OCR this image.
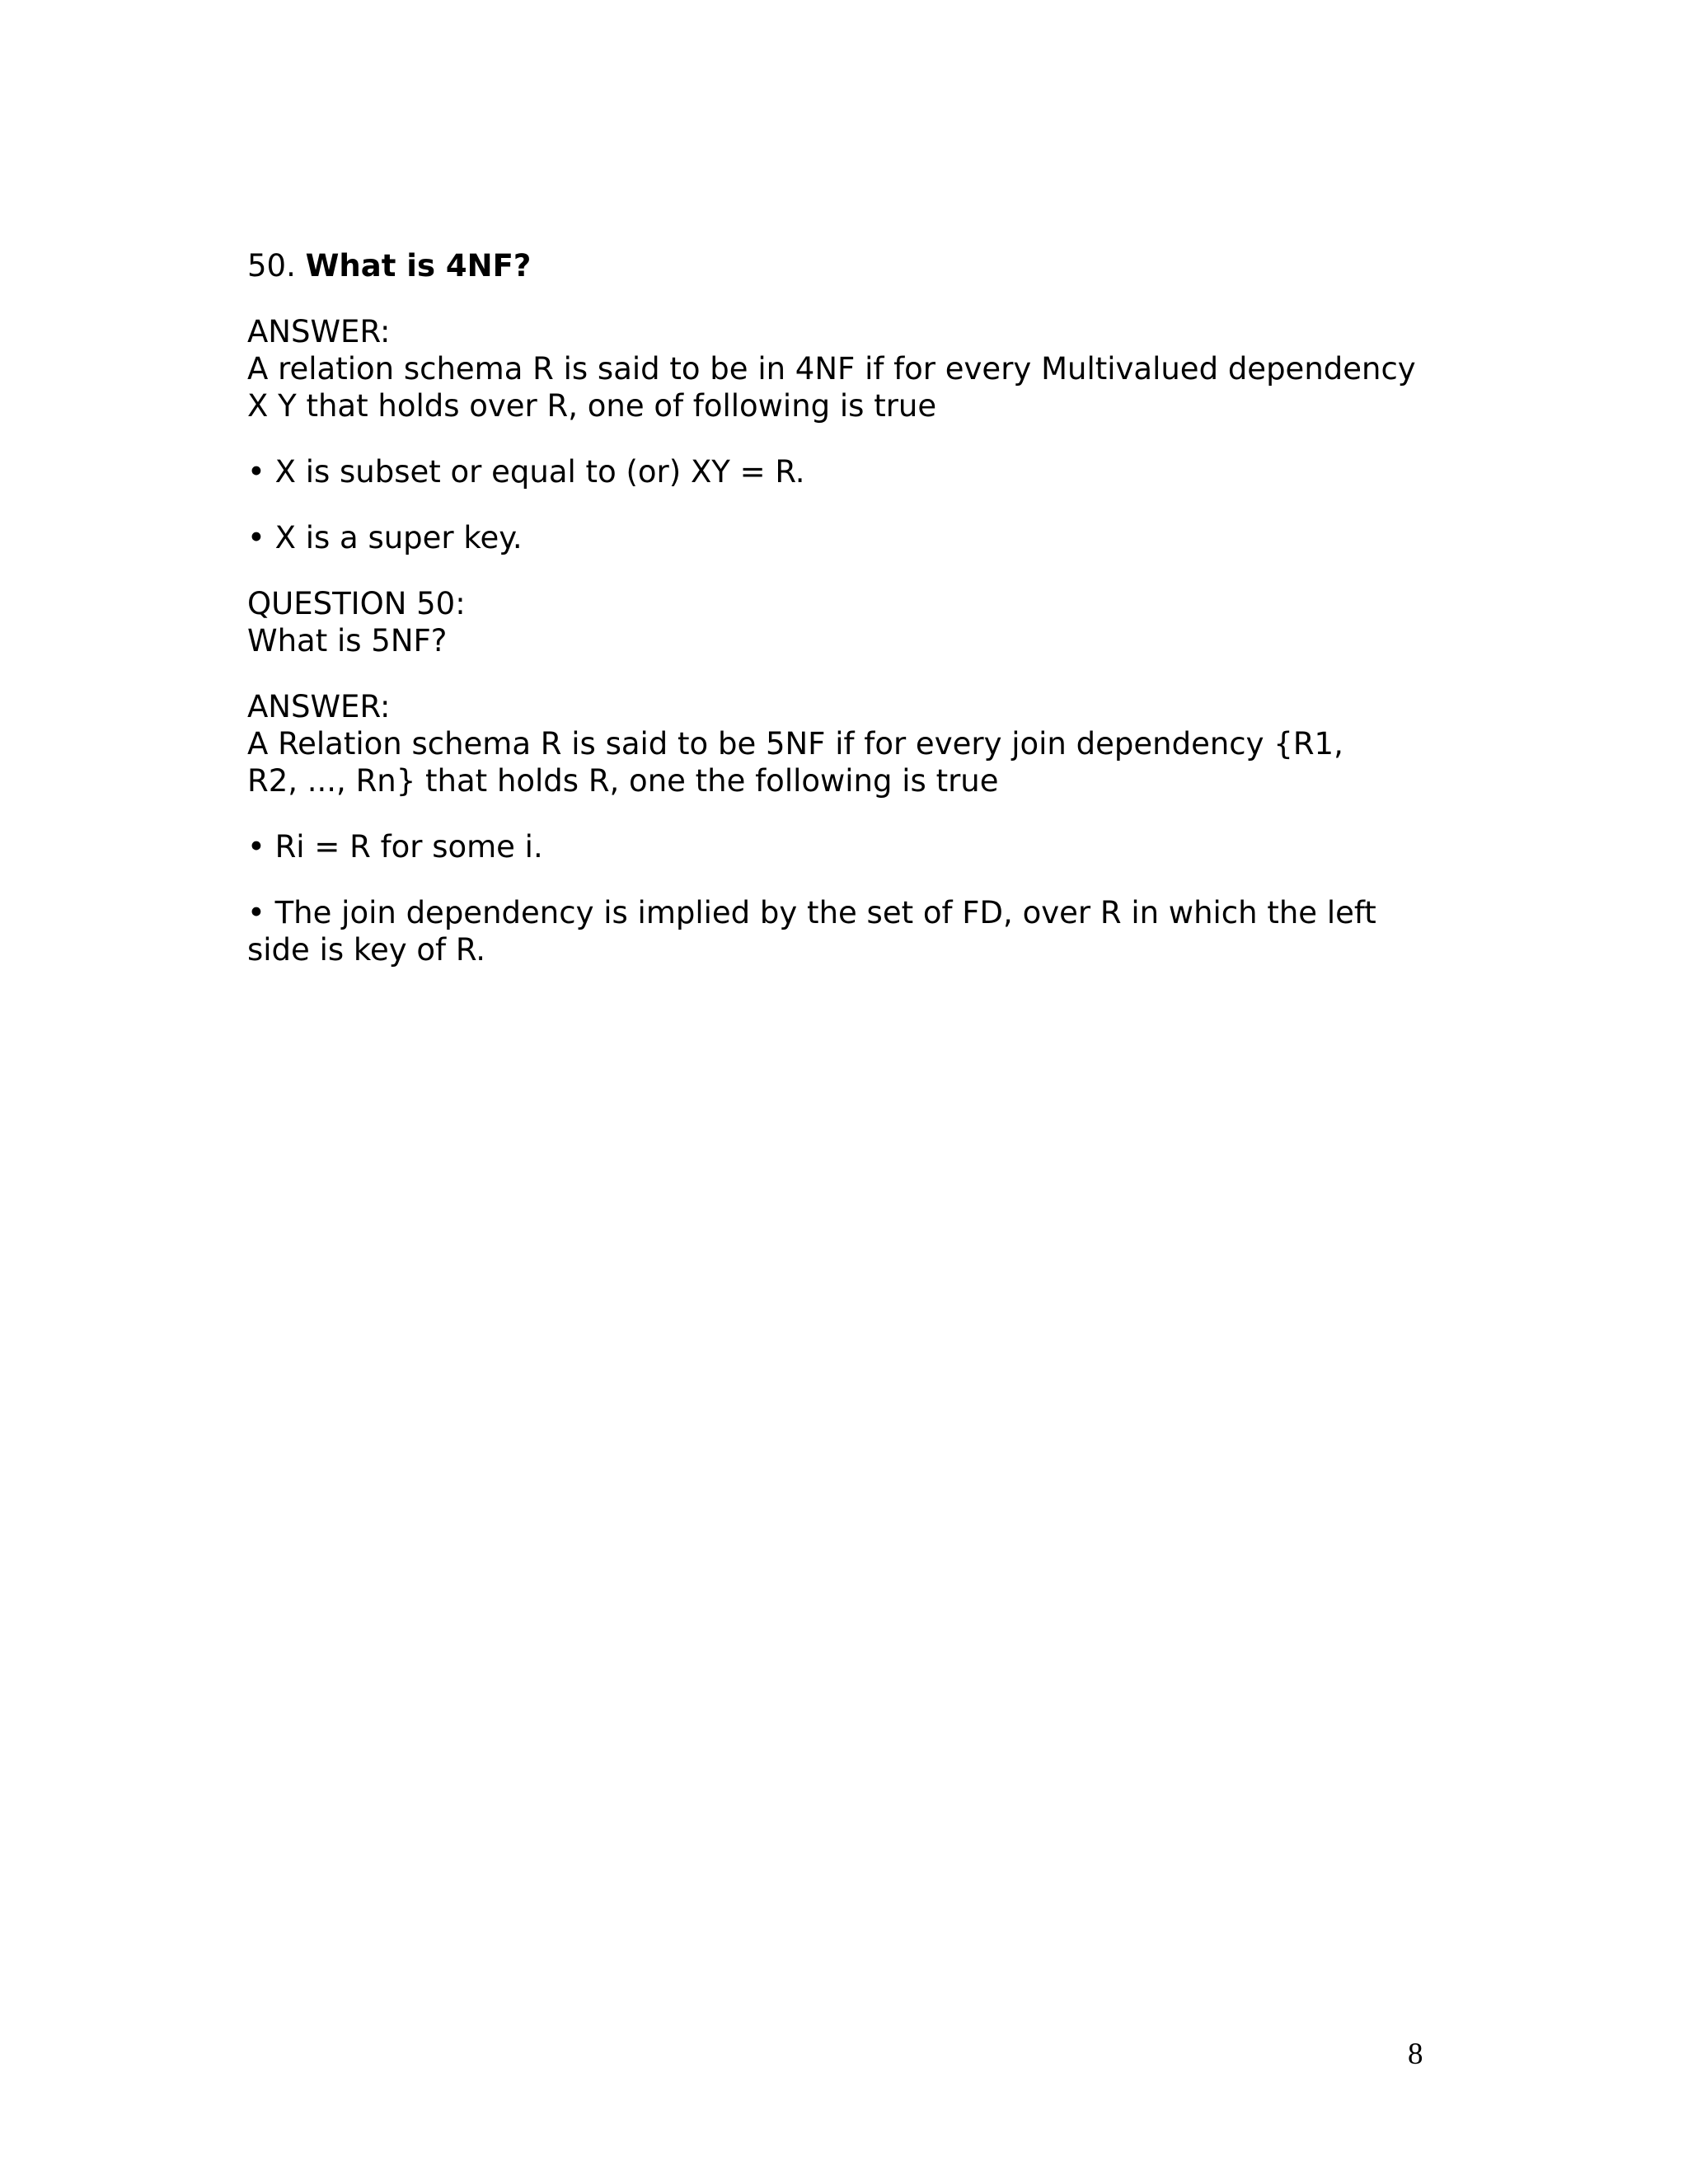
50. What is 4NF?

ANSWER:
A relation schema R is said to be in 4NF if for every Multivalued dependency
X Y that holds over R, one of following is true

• X is subset or equal to (or) XY = R.

• X is a super key.

QUESTION 50:
What is 5NF?

ANSWER:
A Relation schema R is said to be 5NF if for every join dependency {R1,
R2, ..., Rn} that holds R, one the following is true

• Ri = R for some i.

• The join dependency is implied by the set of FD, over R in which the left
side is key of R.

8
